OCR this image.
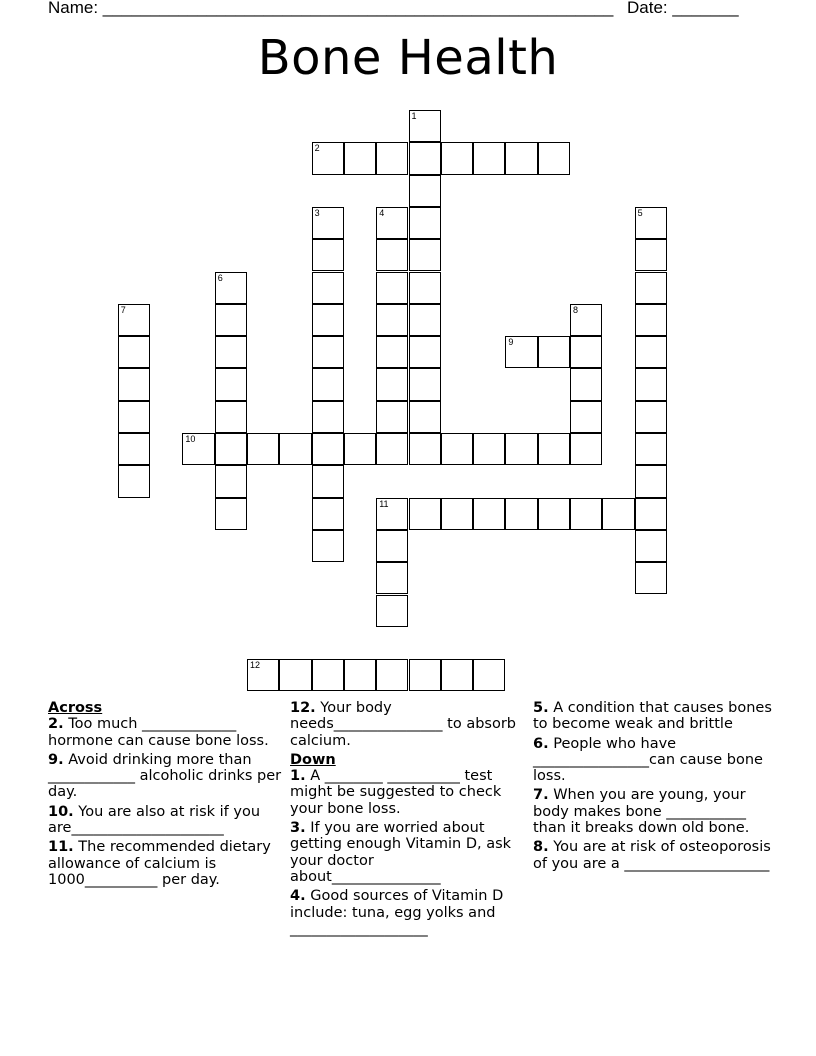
Name: ______________________________________________________ Date: _______
Bone Health
1
2
3	4	5
6
7	8
9
10
11
12
Across
2. Too much _____________ hormone can cause bone loss.
9. Avoid drinking more than ____________ alcoholic drinks per day.
10. You are also at risk if you are_____________________
11. The recommended dietary allowance of calcium is 1000__________ per day.
12. Your body needs_______________ to absorb calcium.
Down
1. A ________ __________ test might be suggested to check your bone loss.
3. If you are worried about getting enough Vitamin D, ask your doctor about_______________
4. Good sources of Vitamin D include: tuna, egg yolks and ___________________
5. A condition that causes bones to become weak and brittle
6. People who have ________________can cause bone loss.
7. When you are young, your body makes bone ___________ than it breaks down old bone.
8. You are at risk of osteoporosis of you are a ____________________
